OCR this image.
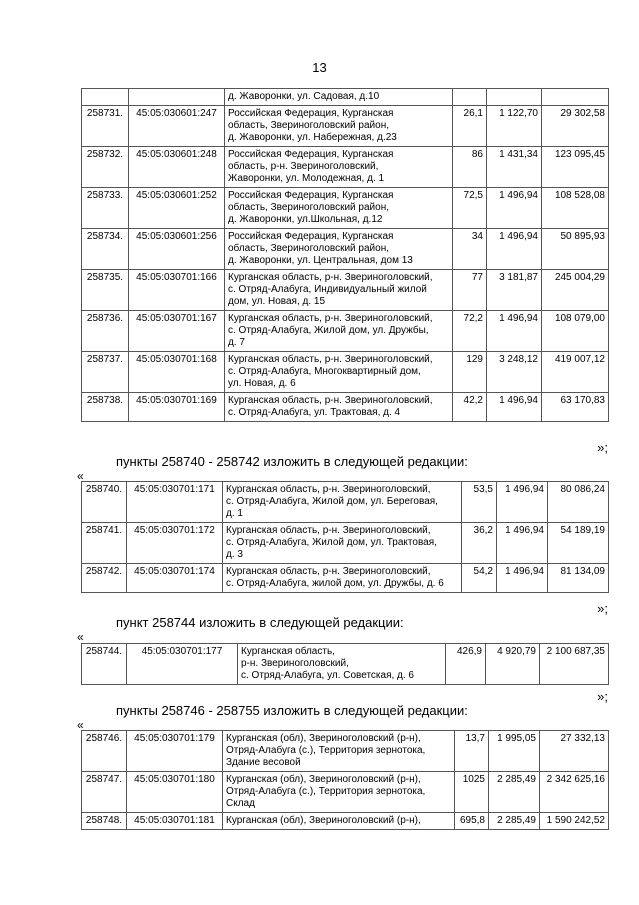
13

		д. Жаворонки, ул. Садовая, д.10			

258731.	45:05:030601:247	Российская Федерация, Курганская
область, Звериноголовский район,
д. Жаворонки, ул. Набережная, д.23	26,1	1 122,70	29 302,58
258732.	45:05:030601:248	Российская Федерация, Курганская
область, р-н. Звериноголовский,
Жаворонки, ул. Молодежная, д. 1	86	1 431,34	123 095,45
258733.	45:05:030601:252	Российская Федерация, Курганская
область, Звериноголовский район,
д. Жаворонки, ул.Школьная, д.12	72,5	1 496,94	108 528,08
258734.	45:05:030601:256	Российская Федерация, Курганская
область, Звериноголовский район,
д. Жаворонки, ул. Центральная, дом 13	34	1 496,94	50 895,93
258735.	45:05:030701:166	Курганская область, р-н. Звериноголовский,
с. Отряд-Алабуга, Индивидуальный жилой
дом, ул. Новая, д. 15	77	3 181,87	245 004,29
258736.	45:05:030701:167	Курганская область, р-н. Звериноголовский,
с. Отряд-Алабуга, Жилой дом, ул. Дружбы,
д. 7	72,2	1 496,94	108 079,00
258737.	45:05:030701:168	Курганская область, р-н. Звериноголовский,
с. Отряд-Алабуга, Многоквартирный дом,
ул. Новая, д. 6	129	3 248,12	419 007,12
258738.	45:05:030701:169	Курганская область, р-н. Звериноголовский,
с. Отряд-Алабуга, ул. Трактовая, д. 4	42,2	1 496,94	63 170,83
»;
пункты 258740 - 258742 изложить в следующей редакции:
«
258740.	45:05:030701:171	Курганская область, р-н. Звериноголовский,
с. Отряд-Алабуга, Жилой дом, ул. Береговая,
д. 1	53,5	1 496,94	80 086,24
258741.	45:05:030701:172	Курганская область, р-н. Звериноголовский,
с. Отряд-Алабуга, Жилой дом, ул. Трактовая,
д. 3	36,2	1 496,94	54 189,19
258742.	45:05:030701:174	Курганская область, р-н. Звериноголовский,
с. Отряд-Алабуга, жилой дом, ул. Дружбы, д. 6	54,2	1 496,94	81 134,09
»;
пункт 258744 изложить в следующей редакции:
«
258744.	45:05:030701:177	Курганская область,
р-н. Звериноголовский,
с. Отряд-Алабуга, ул. Советская, д. 6
	426,9	4 920,79	2 100 687,35
»;
пункты 258746 - 258755 изложить в следующей редакции:
«
258746.	45:05:030701:179	Курганская (обл), Звериноголовский (р-н),
Отряд-Алабуга (с.), Территория зернотока,
Здание весовой	13,7	1 995,05	27 332,13
258747.	45:05:030701:180	Курганская (обл), Звериноголовский (р-н),
Отряд-Алабуга (с.), Территория зернотока,
Склад	1025	2 285,49	2 342 625,16
258748.	45:05:030701:181	Курганская (обл), Звериноголовский (р-н),	695,8	2 285,49	1 590 242,52
